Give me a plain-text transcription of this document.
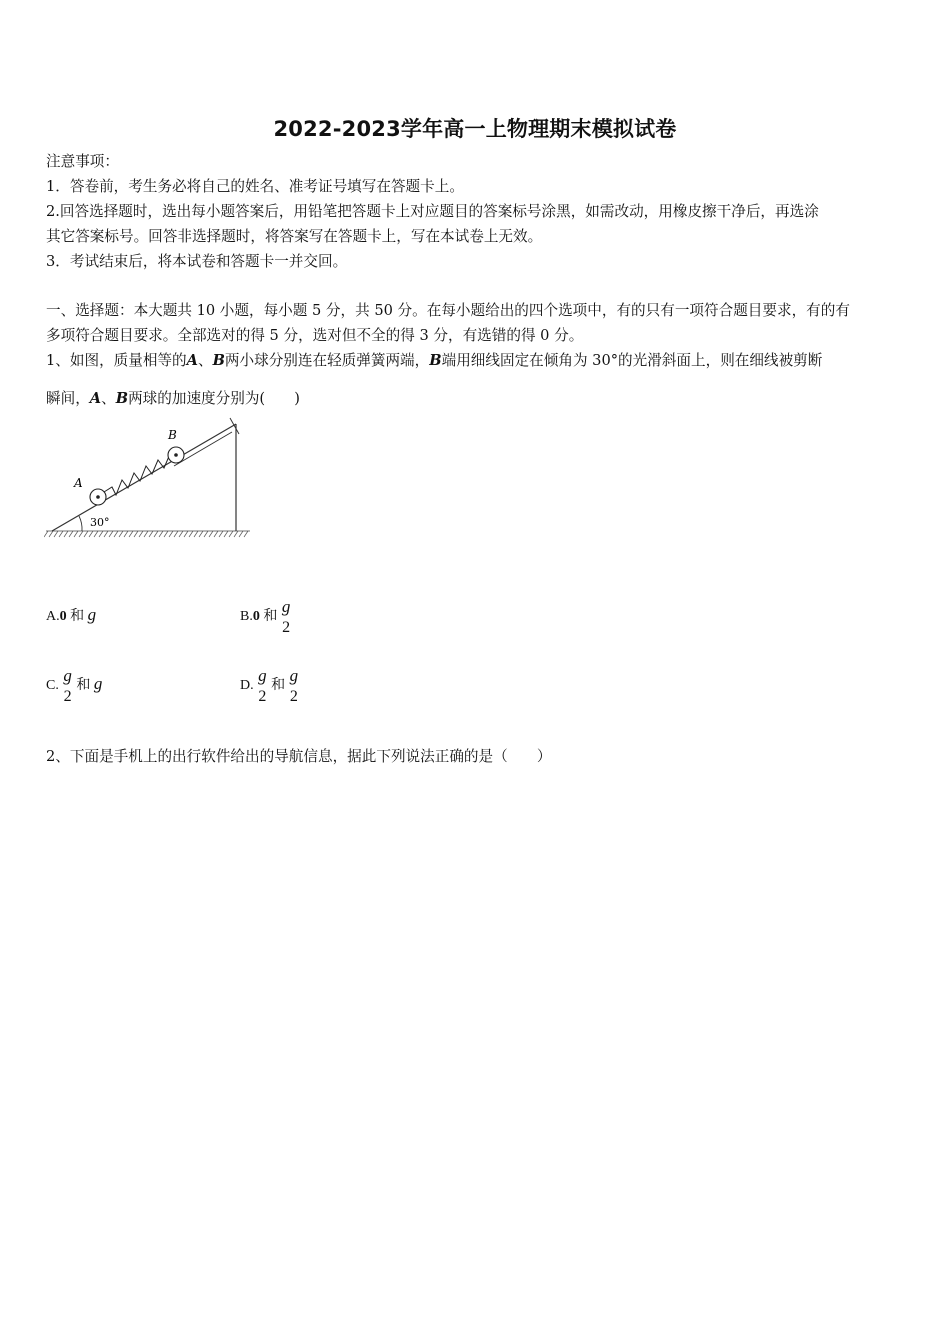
2022-2023学年高一上物理期末模拟试卷
注意事项：
1．答卷前，考生务必将自己的姓名、准考证号填写在答题卡上。
2.回答选择题时，选出每小题答案后，用铅笔把答题卡上对应题目的答案标号涂黑，如需改动，用橡皮擦干净后，再选涂
其它答案标号。回答非选择题时，将答案写在答题卡上，写在本试卷上无效。
3．考试结束后，将本试卷和答题卡一并交回。
一、选择题：本大题共 10 小题，每小题 5 分，共 50 分。在每小题给出的四个选项中，有的只有一项符合题目要求，有的有
多项符合题目要求。全部选对的得 5 分，选对但不全的得 3 分，有选错的得 0 分。
1、如图，质量相等的A、B两小球分别连在轻质弹簧两端，B端用细线固定在倾角为 30°的光滑斜面上，则在细线被剪断
瞬间，A、B两球的加速度分别为(　　)
A
B
30°
A.0 和 g	B.0 和
g
2
C.
g
2
和 g	D.
g
2
和
g
2
2、下面是手机上的出行软件给出的导航信息，据此下列说法正确的是（　　）
